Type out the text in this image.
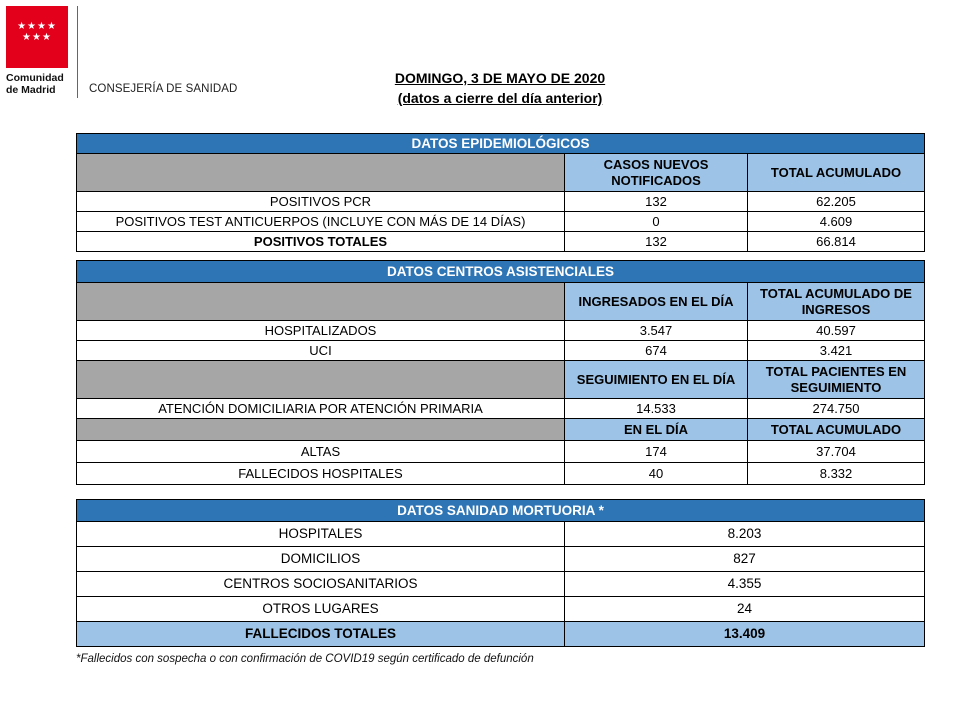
★★★★
★★★
Comunidad
de Madrid	CONSEJERÍA DE SANIDAD
DOMINGO, 3 DE MAYO DE 2020
(datos a cierre del día anterior)
DATOS EPIDEMIOLÓGICOS		
	CASOS NUEVOS NOTIFICADOS	TOTAL ACUMULADO
POSITIVOS PCR	132	62.205
POSITIVOS TEST ANTICUERPOS (INCLUYE CON MÁS DE 14 DÍAS)	0	4.609
POSITIVOS TOTALES	132	66.814
DATOS CENTROS ASISTENCIALES		
	INGRESADOS EN EL DÍA	TOTAL ACUMULADO DE INGRESOS
HOSPITALIZADOS	3.547	40.597
UCI	674	3.421
	SEGUIMIENTO EN EL DÍA	TOTAL PACIENTES EN SEGUIMIENTO
ATENCIÓN DOMICILIARIA POR ATENCIÓN PRIMARIA	14.533	274.750
	EN EL DÍA	TOTAL ACUMULADO
ALTAS	174	37.704
FALLECIDOS HOSPITALES	40	8.332
DATOS SANIDAD MORTUORIA *	
HOSPITALES	8.203
DOMICILIOS	827
CENTROS SOCIOSANITARIOS	4.355
OTROS LUGARES	24
FALLECIDOS TOTALES	13.409
*Fallecidos con sospecha o con confirmación de COVID19 según certificado de defunción
